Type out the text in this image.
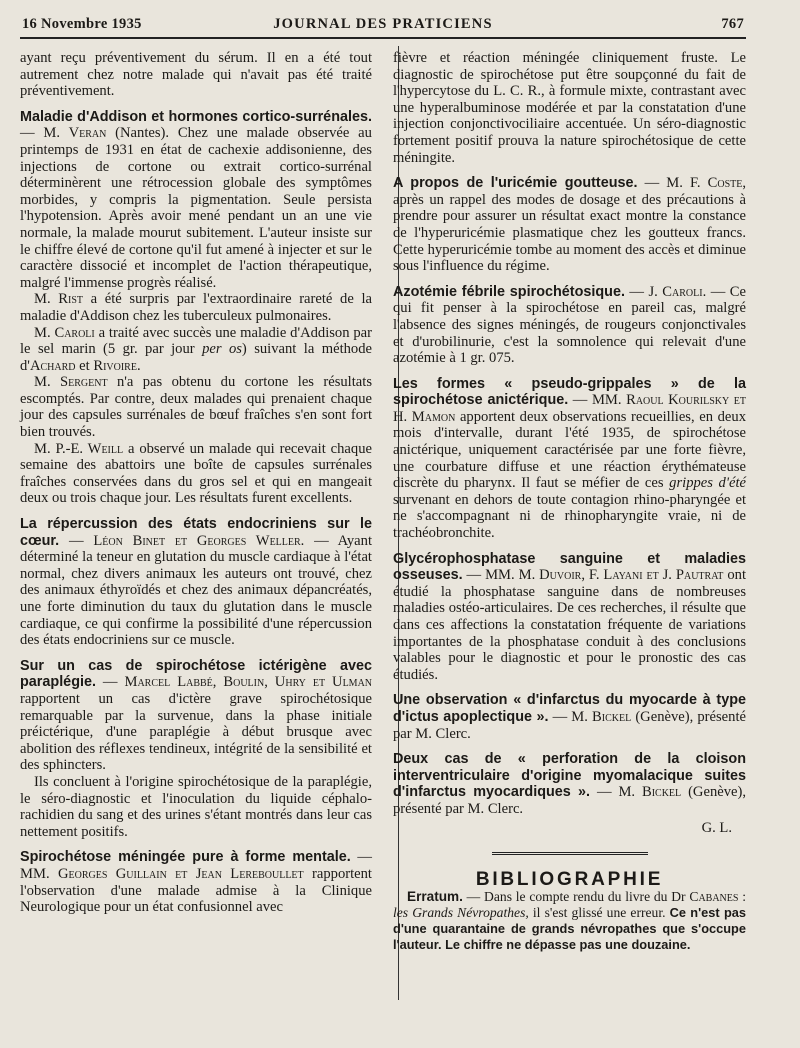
16 Novembre 1935	JOURNAL DES PRATICIENS	767

ayant reçu préventivement du sérum. Il en a été tout autrement chez notre malade qui n'avait pas été traité préventivement.

Maladie d'Addison et hormones cortico-surrénales. — M. Veran (Nantes). Chez une malade observée au printemps de 1931 en état de cachexie addisonienne, des injections de cortone ou extrait cortico-surrénal déterminèrent une rétrocession globale des symptômes morbides, y compris la pigmentation. Seule persista l'hypotension. Après avoir mené pendant un an une vie normale, la malade mourut subitement. L'auteur insiste sur le chiffre élevé de cortone qu'il fut amené à injecter et sur le caractère dissocié et incomplet de l'action thérapeutique, malgré l'immense progrès réalisé.

M. Rist a été surpris par l'extraordinaire rareté de la maladie d'Addison chez les tuberculeux pulmonaires.

M. Caroli a traité avec succès une maladie d'Addison par le sel marin (5 gr. par jour per os) suivant la méthode d'Achard et Rivoire.

M. Sergent n'a pas obtenu du cortone les résultats escomptés. Par contre, deux malades qui prenaient chaque jour des capsules surrénales de bœuf fraîches s'en sont fort bien trouvés.

M. P.-E. Weill a observé un malade qui recevait chaque semaine des abattoirs une boîte de capsules surrénales fraîches conservées dans du gros sel et qui en mangeait deux ou trois chaque jour. Les résultats furent excellents.

La répercussion des états endocriniens sur le cœur. — Léon Binet et Georges Weller. — Ayant déterminé la teneur en glutation du muscle cardiaque à l'état normal, chez divers animaux les auteurs ont trouvé, chez des animaux éthyroïdés et chez des animaux dépancréatés, une forte diminution du taux du glutation dans le muscle cardiaque, ce qui confirme la possibilité d'une répercussion des états endocriniens sur ce muscle.

Sur un cas de spirochétose ictérigène avec paraplégie. — Marcel Labbé, Boulin, Uhry et Ulman rapportent un cas d'ictère grave spirochétosique remarquable par la survenue, dans la phase initiale préictérique, d'une paraplégie à début brusque avec abolition des réflexes tendineux, intégrité de la sensibilité et des sphincters.

Ils concluent à l'origine spirochétosique de la paraplégie, le séro-diagnostic et l'inoculation du liquide céphalo-rachidien du sang et des urines s'étant montrés dans leur cas nettement positifs.

Spirochétose méningée pure à forme mentale. — MM. Georges Guillain et Jean Lereboullet rapportent l'observation d'une malade admise à la Clinique Neurologique pour un état confusionnel avec

fièvre et réaction méningée cliniquement fruste. Le diagnostic de spirochétose put être soupçonné du fait de l'hypercytose du L. C. R., à formule mixte, contrastant avec une hyperalbuminose modérée et par la constatation d'une injection conjonctivociliaire accentuée. Un séro-diagnostic fortement positif prouva la nature spirochétosique de cette méningite.

A propos de l'uricémie goutteuse. — M. F. Coste, après un rappel des modes de dosage et des précautions à prendre pour assurer un résultat exact montre la constance de l'hyperuricémie plasmatique chez les goutteux francs. Cette hyperuricémie tombe au moment des accès et diminue sous l'influence du régime.

Azotémie fébrile spirochétosique. — J. Caroli. — Ce qui fit penser à la spirochétose en pareil cas, malgré l'absence des signes méningés, de rougeurs conjonctivales et d'urobilinurie, c'est la somnolence qui relevait d'une azotémie à 1 gr. 075.

Les formes « pseudo-grippales » de la spirochétose anictérique. — MM. Raoul Kourilsky et H. Mamon apportent deux observations recueillies, en deux mois d'intervalle, durant l'été 1935, de spirochétose anictérique, uniquement caractérisée par une forte fièvre, une courbature diffuse et une réaction érythémateuse discrète du pharynx. Il faut se méfier de ces grippes d'été survenant en dehors de toute contagion rhino-pharyngée et ne s'accompagnant ni de rhinopharyngite vraie, ni de trachéobronchite.

Glycérophosphatase sanguine et maladies osseuses. — MM. M. Duvoir, F. Layani et J. Pautrat ont étudié la phosphatase sanguine dans de nombreuses maladies ostéo-articulaires. De ces recherches, il résulte que dans ces affections la constatation fréquente de variations importantes de la phosphatase conduit à des conclusions valables pour le diagnostic et pour le pronostic des cas étudiés.

Une observation « d'infarctus du myocarde à type d'ictus apoplectique ». — M. Bickel (Genève), présenté par M. Clerc.

Deux cas de « perforation de la cloison interventriculaire d'origine myomalacique suites d'infarctus myocardiques ». — M. Bickel (Genève), présenté par M. Clerc.

G. L.
BIBLIOGRAPHIE

Erratum. — Dans le compte rendu du livre du Dr Cabanes : les Grands Névropathes, il s'est glissé une erreur. Ce n'est pas d'une quarantaine de grands névropathes que s'occupe l'auteur. Le chiffre ne dépasse pas une douzaine.
